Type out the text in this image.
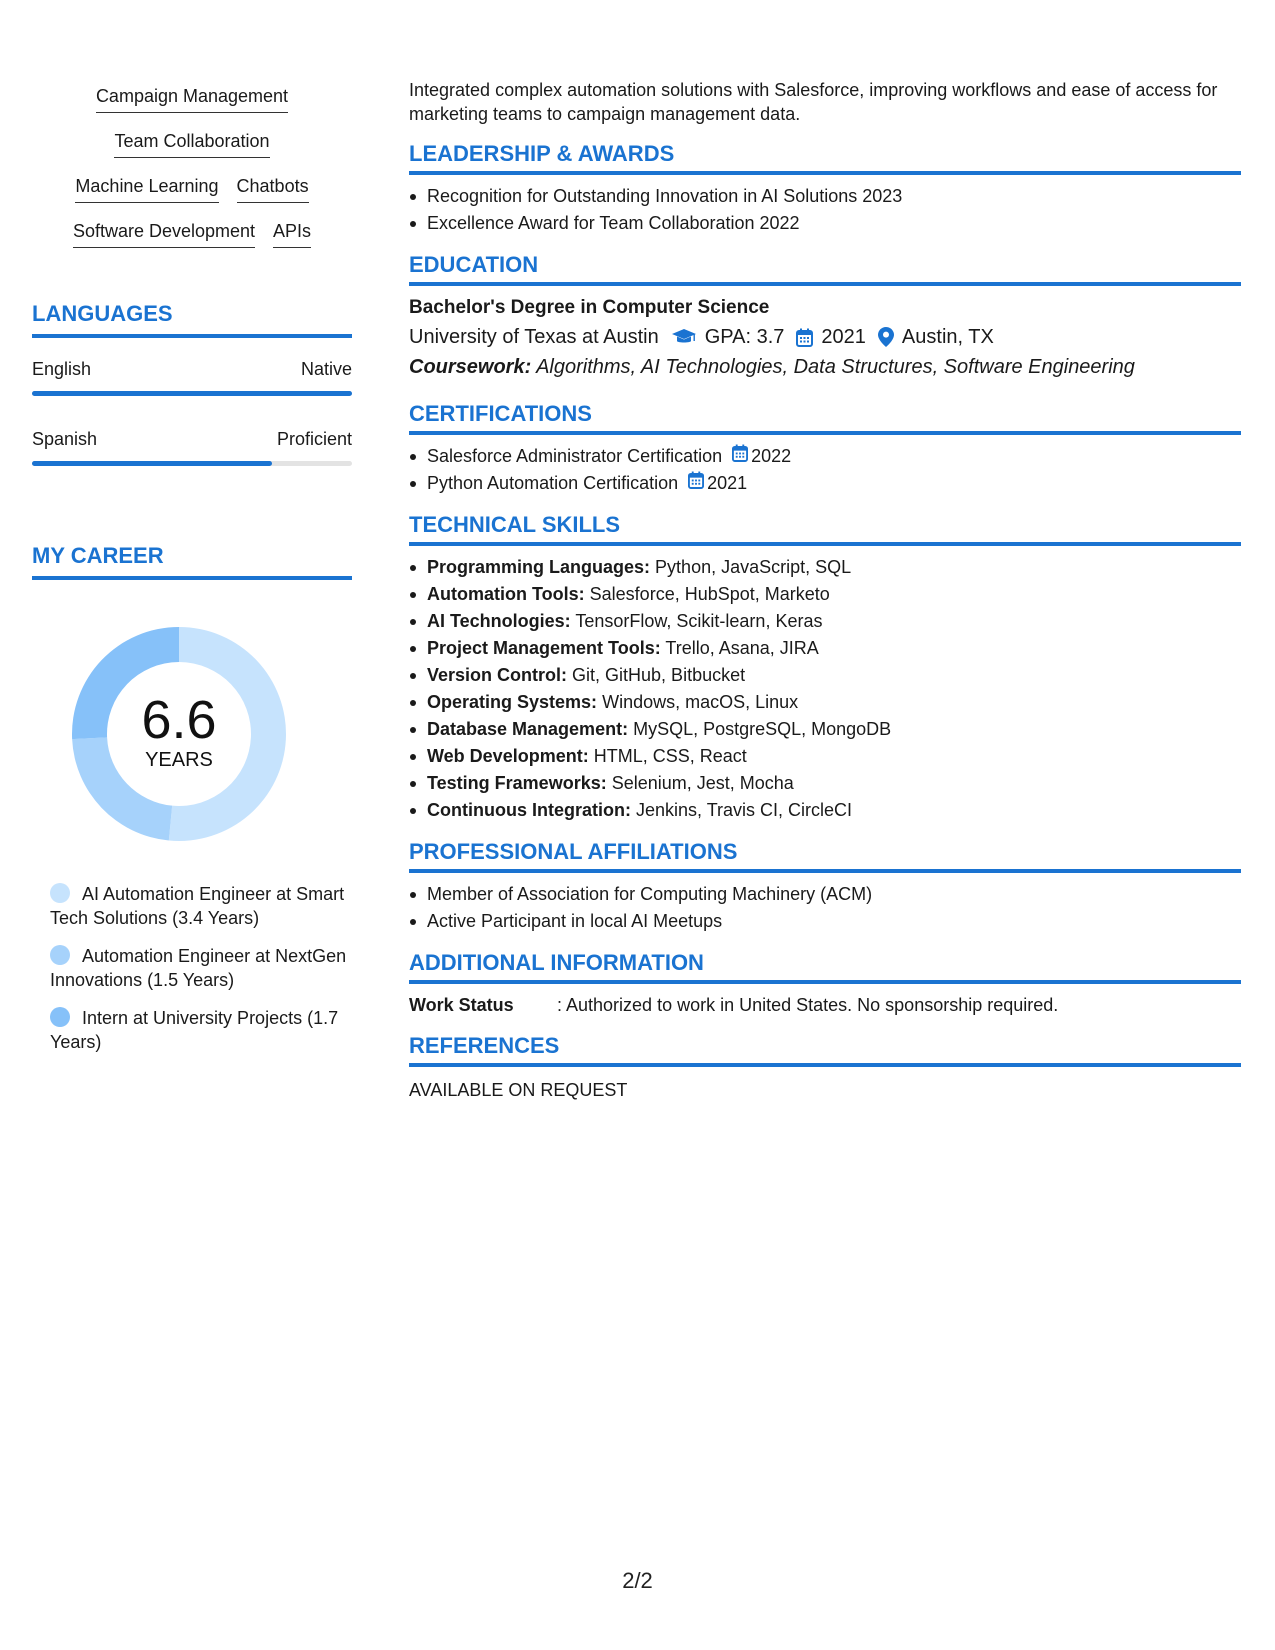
Campaign Management
Team Collaboration
Machine Learning Chatbots
Software Development APIs
LANGUAGES
English	Native
Spanish	Proficient
MY CAREER
6.6
YEARS
AI Automation Engineer at Smart Tech Solutions (3.4 Years)
Automation Engineer at NextGen Innovations (1.5 Years)
Intern at University Projects (1.7 Years)

Integrated complex automation solutions with Salesforce, improving workflows and ease of access for marketing teams to campaign management data.

LEADERSHIP & AWARDS
Recognition for Outstanding Innovation in AI Solutions 2023
Excellence Award for Team Collaboration 2022
EDUCATION
Bachelor's Degree in Computer Science
University of Texas at Austin GPA: 3.7 2021 Austin, TX
Coursework: Algorithms, AI Technologies, Data Structures, Software Engineering
CERTIFICATIONS
Salesforce Administrator Certification 2022
Python Automation Certification 2021
TECHNICAL SKILLS
Programming Languages: Python, JavaScript, SQL
Automation Tools: Salesforce, HubSpot, Marketo
AI Technologies: TensorFlow, Scikit-learn, Keras
Project Management Tools: Trello, Asana, JIRA
Version Control: Git, GitHub, Bitbucket
Operating Systems: Windows, macOS, Linux
Database Management: MySQL, PostgreSQL, MongoDB
Web Development: HTML, CSS, React
Testing Frameworks: Selenium, Jest, Mocha
Continuous Integration: Jenkins, Travis CI, CircleCI
PROFESSIONAL AFFILIATIONS
Member of Association for Computing Machinery (ACM)
Active Participant in local AI Meetups
ADDITIONAL INFORMATION
Work Status	: Authorized to work in United States. No sponsorship required.
REFERENCES
AVAILABLE ON REQUEST
2/2
